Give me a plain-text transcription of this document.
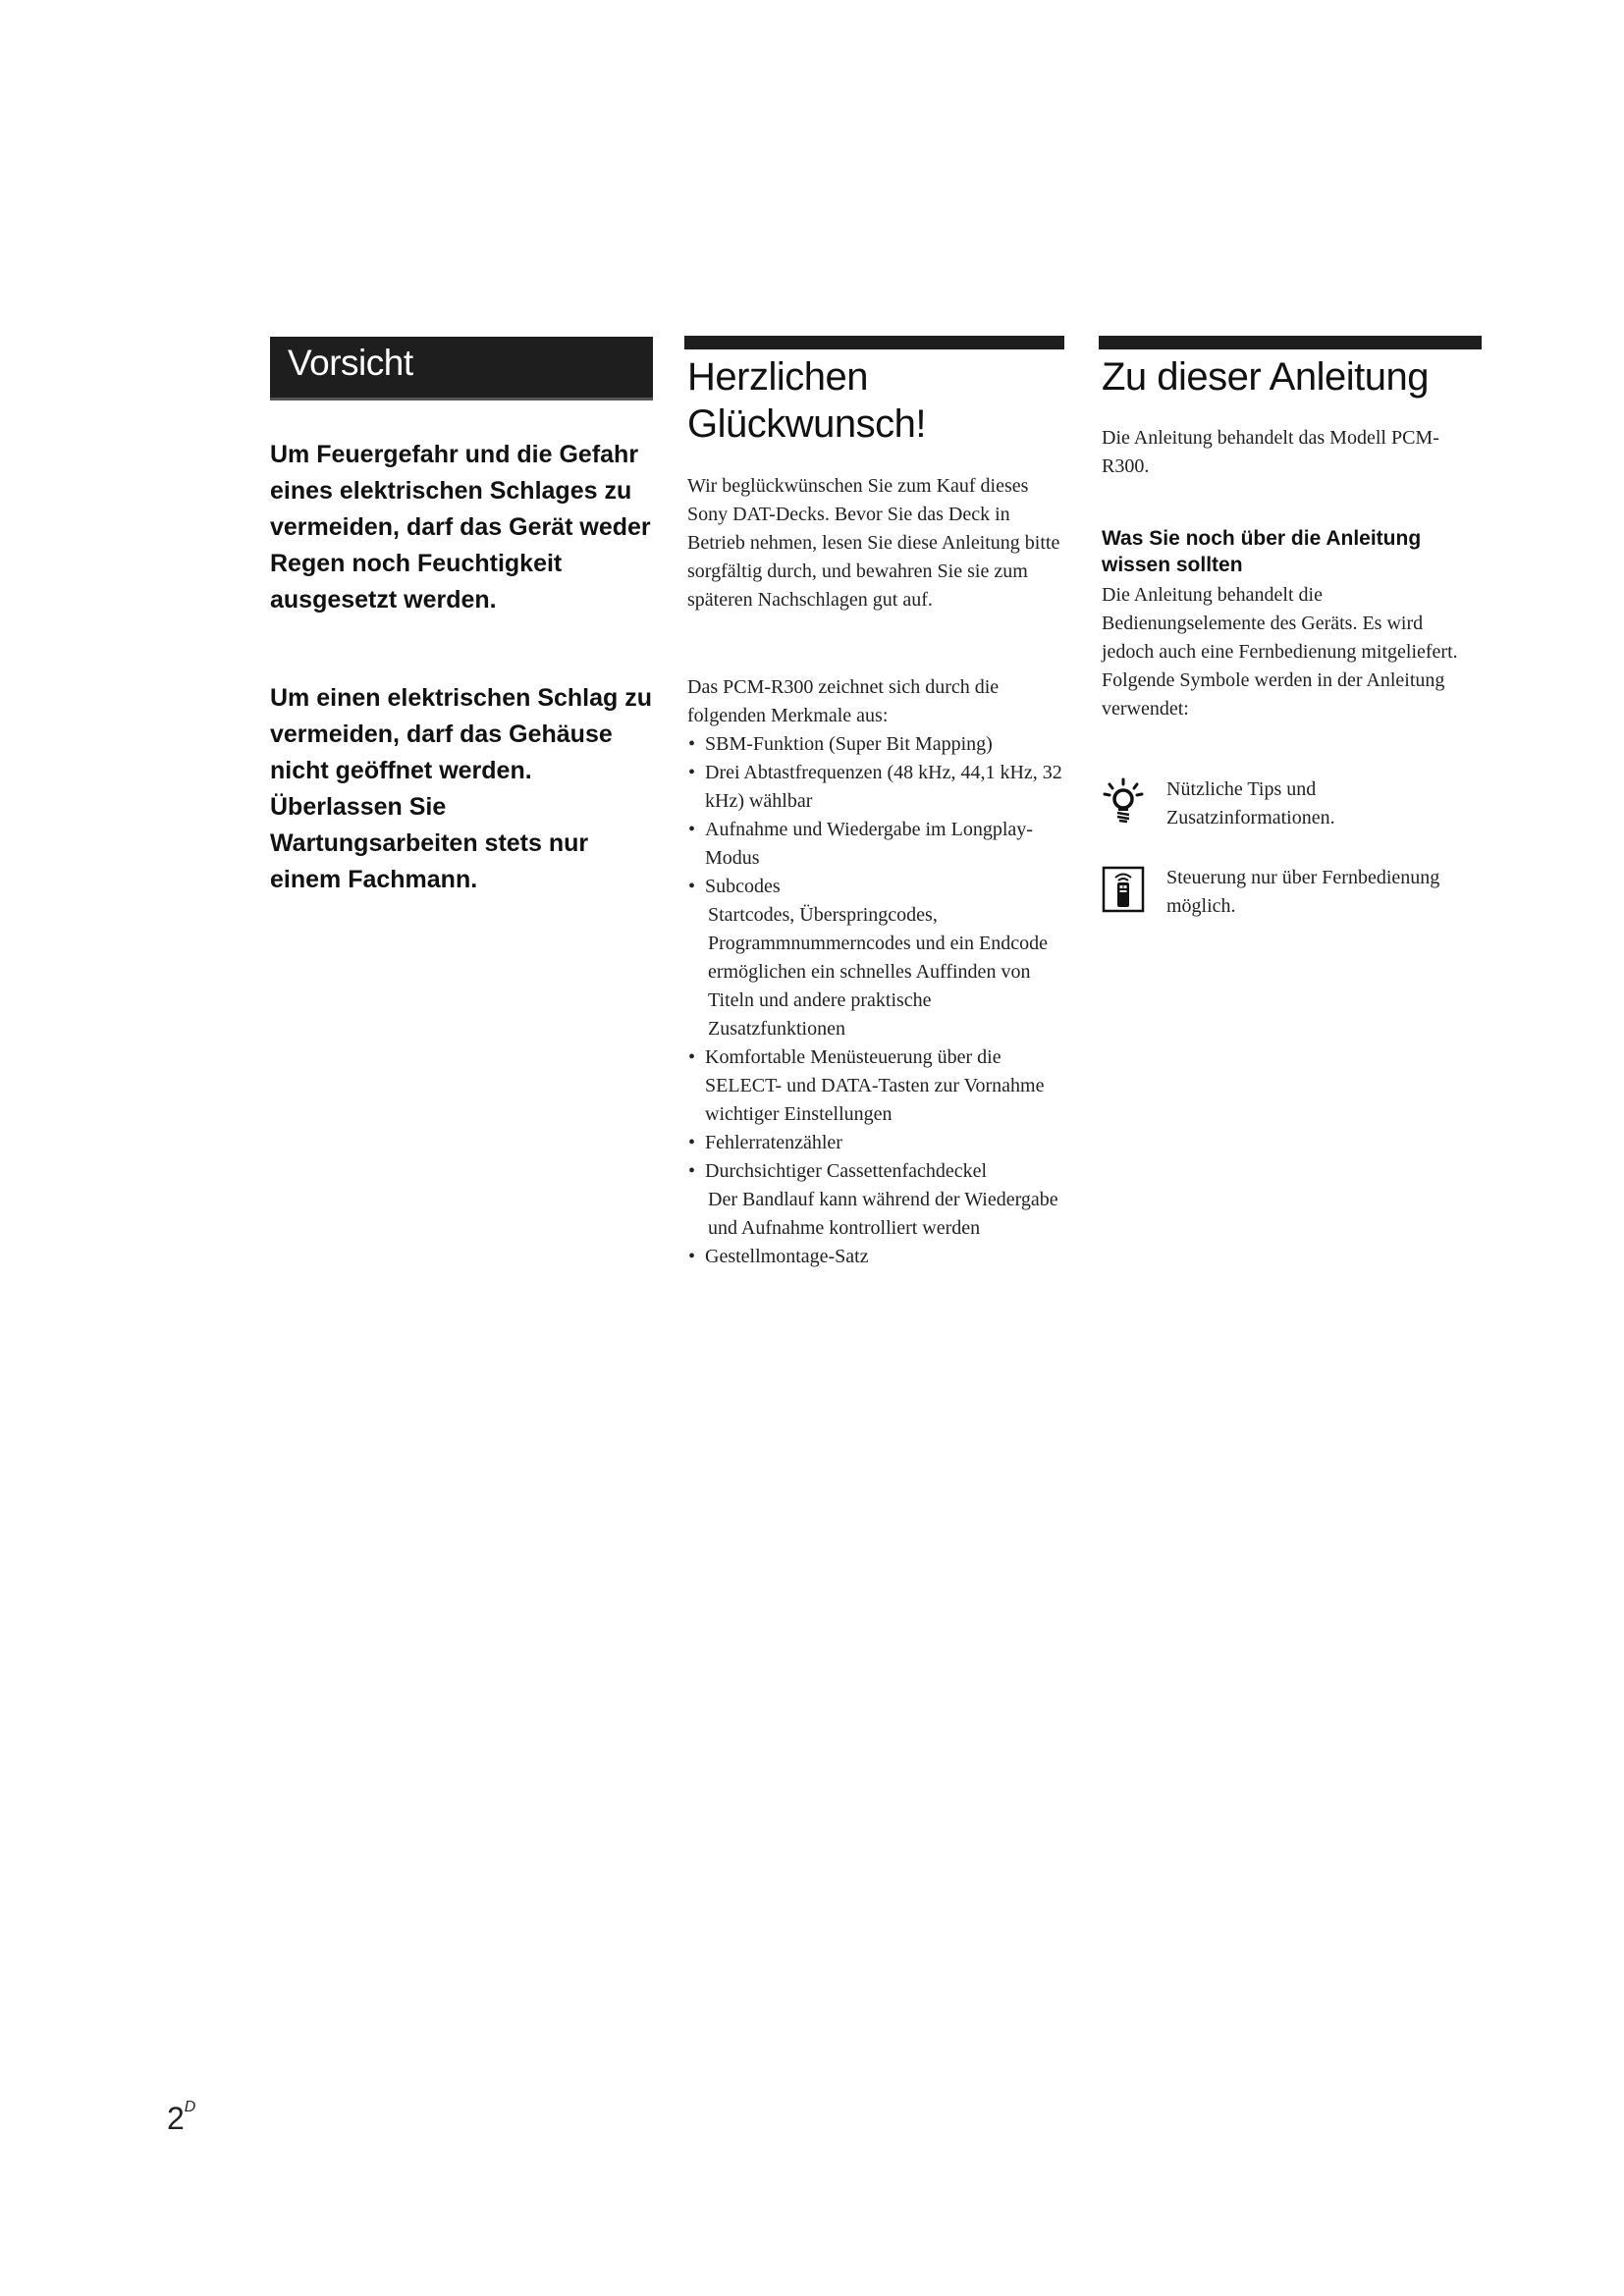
Vorsicht
Um Feuergefahr und die Gefahr eines elektrischen Schlages zu vermeiden, darf das Gerät weder Regen noch Feuchtigkeit ausgesetzt werden.
Um einen elektrischen Schlag zu vermeiden, darf das Gehäuse nicht geöffnet werden. Überlassen Sie Wartungsarbeiten stets nur einem Fachmann.
Herzlichen Glückwunsch!
Wir beglückwünschen Sie zum Kauf dieses Sony DAT-Decks. Bevor Sie das Deck in Betrieb nehmen, lesen Sie diese Anleitung bitte sorgfältig durch, und bewahren Sie sie zum späteren Nachschlagen gut auf.
Das PCM-R300 zeichnet sich durch die folgenden Merkmale aus:
• SBM-Funktion (Super Bit Mapping)
• Drei Abtastfrequenzen (48 kHz, 44,1 kHz, 32 kHz) wählbar
• Aufnahme und Wiedergabe im Longplay-Modus
• Subcodes
Startcodes, Überspringcodes, Programmnummerncodes und ein Endcode ermöglichen ein schnelles Auffinden von Titeln und andere praktische Zusatzfunktionen
• Komfortable Menüsteuerung über die SELECT- und DATA-Tasten zur Vornahme wichtiger Einstellungen
• Fehlerratenzähler
• Durchsichtiger Cassettenfachdeckel
Der Bandlauf kann während der Wiedergabe und Aufnahme kontrolliert werden
• Gestellmontage-Satz
Zu dieser Anleitung
Die Anleitung behandelt das Modell PCM-R300.
Was Sie noch über die Anleitung wissen sollten
Die Anleitung behandelt die Bedienungselemente des Geräts. Es wird jedoch auch eine Fernbedienung mitgeliefert. Folgende Symbole werden in der Anleitung verwendet:
Nützliche Tips und Zusatzinformationen.
Steuerung nur über Fernbedienung möglich.
$2^D$
